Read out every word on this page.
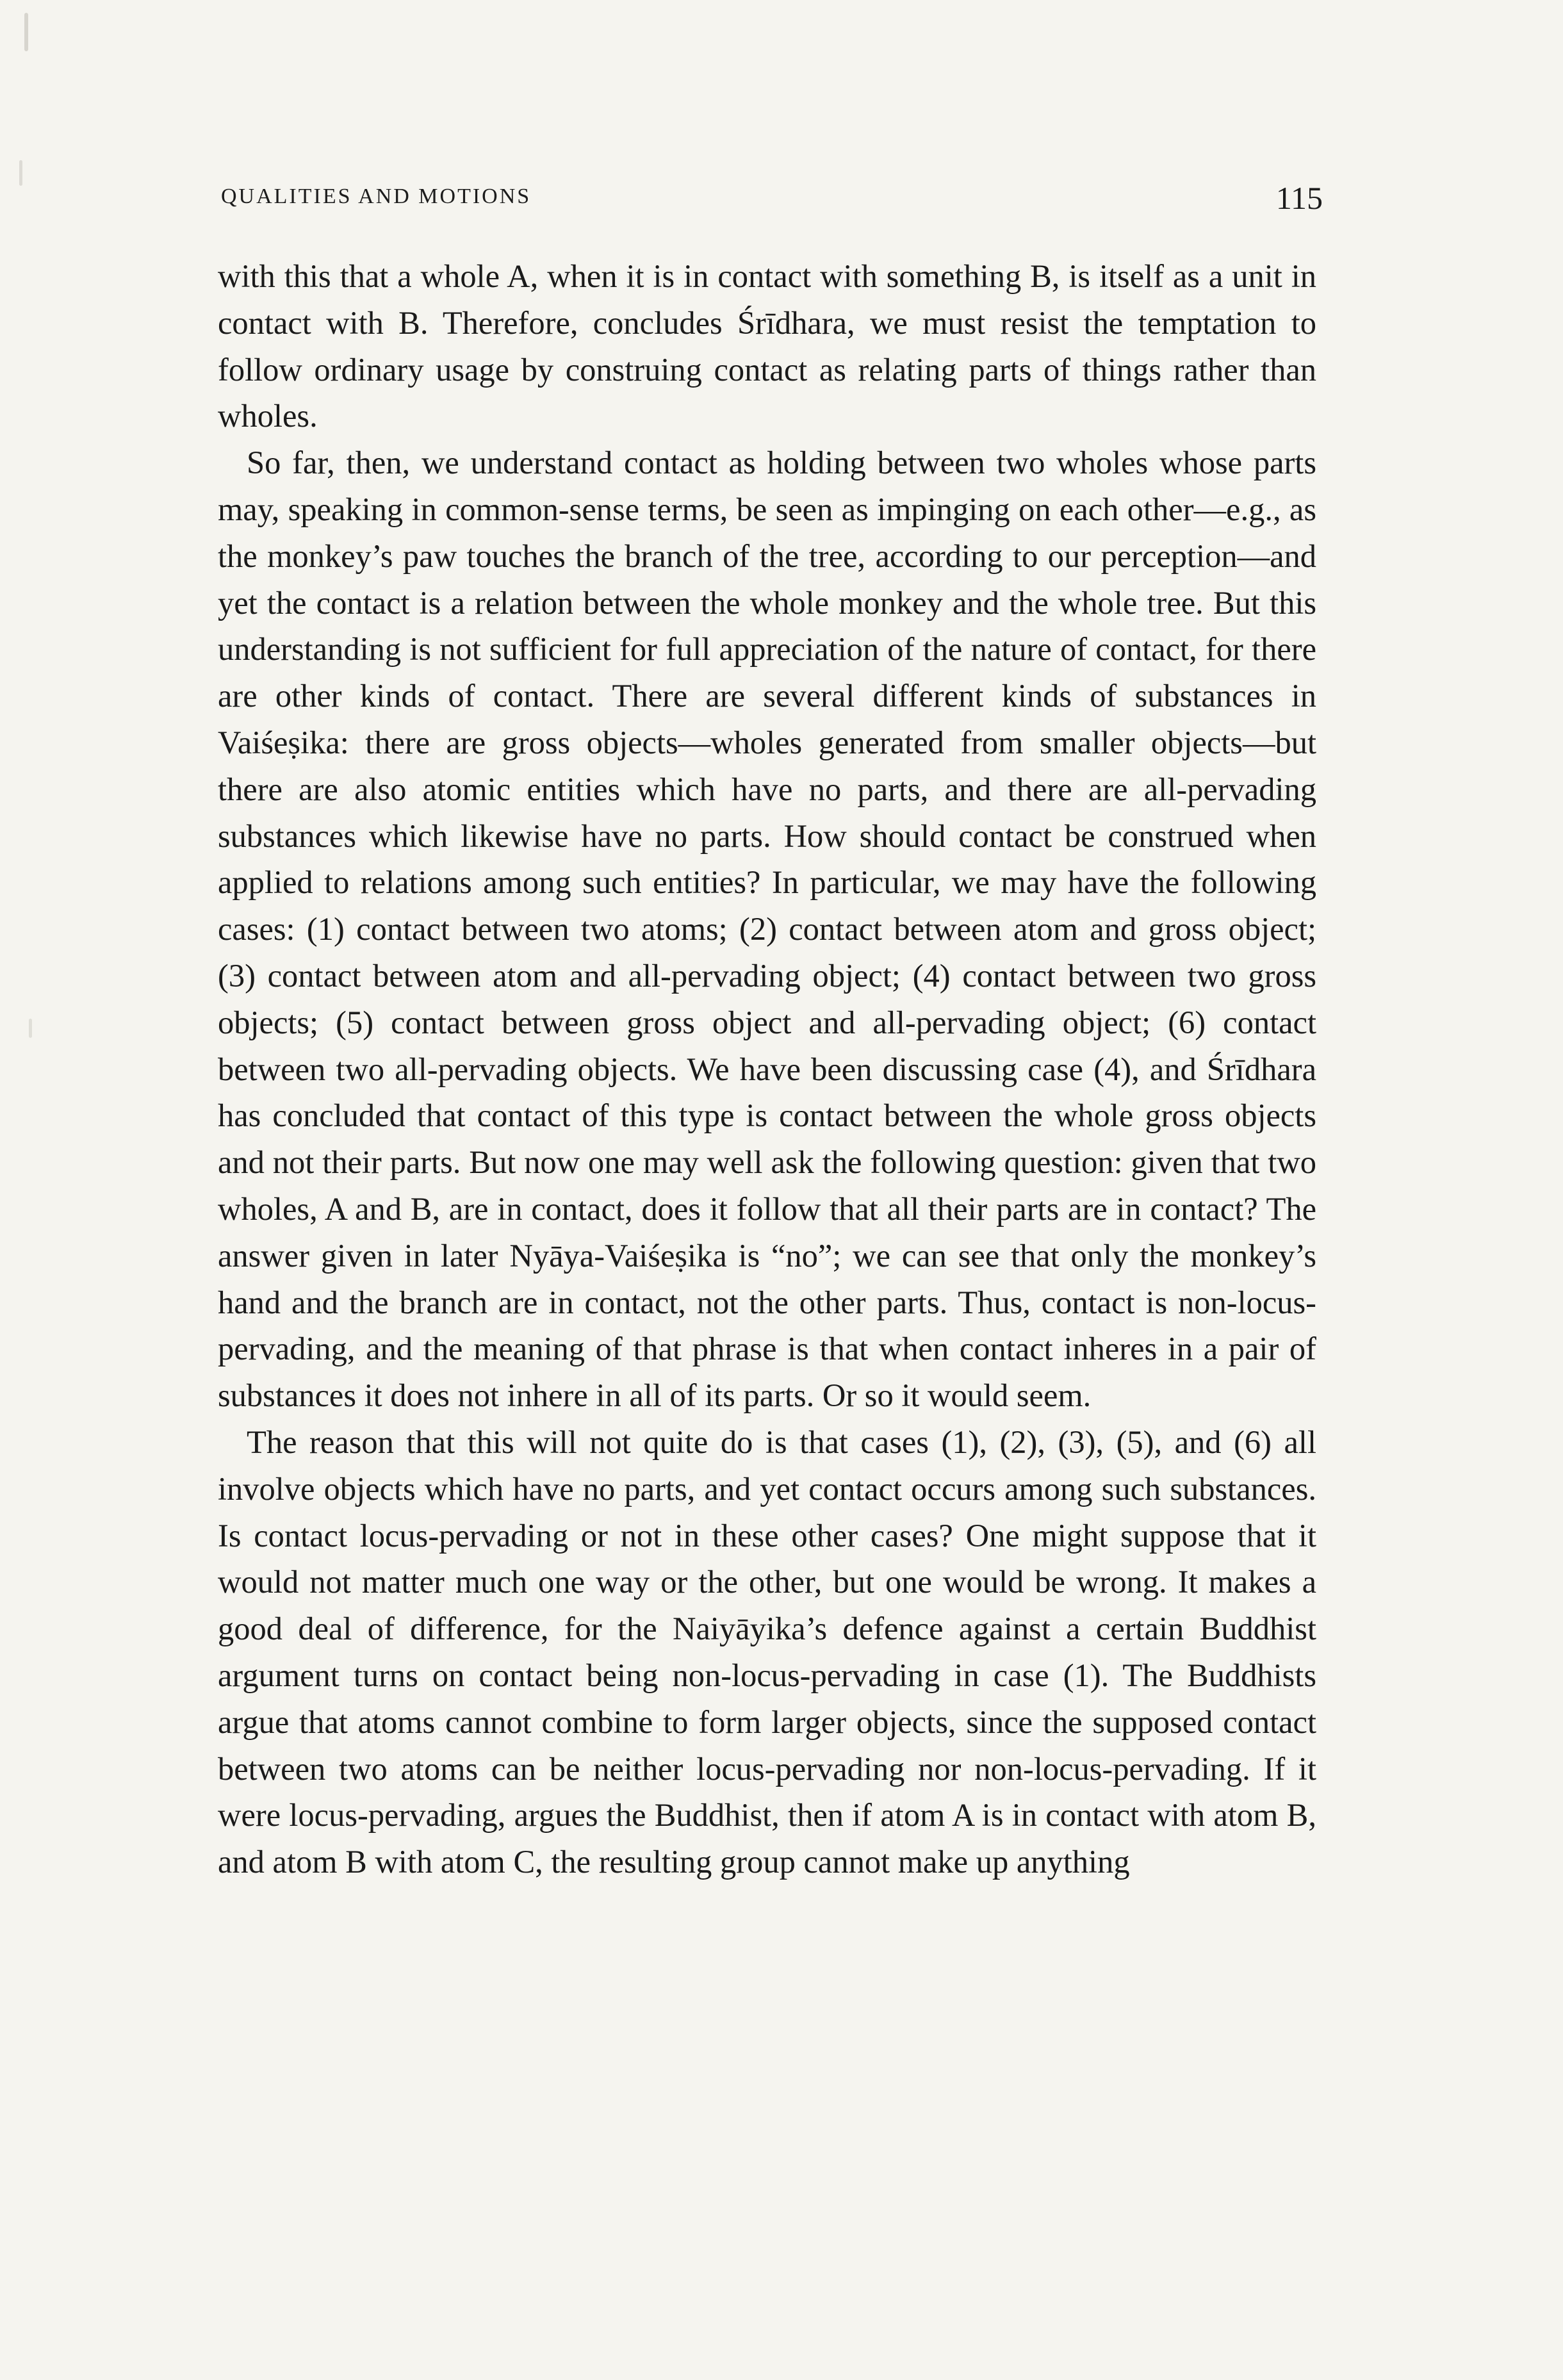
QUALITIES AND MOTIONS	115

with this that a whole A, when it is in contact with something B, is itself as a unit in contact with B. Therefore, concludes Śrīdhara, we must resist the temptation to follow ordinary usage by construing contact as relating parts of things rather than wholes.

So far, then, we understand contact as holding between two wholes whose parts may, speaking in common-sense terms, be seen as impinging on each other—e.g., as the monkey’s paw touches the branch of the tree, according to our perception—and yet the contact is a relation between the whole monkey and the whole tree. But this understanding is not sufficient for full appreciation of the nature of contact, for there are other kinds of contact. There are several different kinds of substances in Vaiśeṣika: there are gross objects—wholes generated from smaller objects—but there are also atomic entities which have no parts, and there are all-pervading substances which likewise have no parts. How should contact be construed when applied to relations among such entities? In particular, we may have the following cases: (1) contact between two atoms; (2) contact between atom and gross object; (3) contact between atom and all-pervading object; (4) contact between two gross objects; (5) contact between gross object and all-pervading object; (6) contact between two all-pervading objects. We have been discussing case (4), and Śrīdhara has concluded that contact of this type is contact between the whole gross objects and not their parts. But now one may well ask the following question: given that two wholes, A and B, are in contact, does it follow that all their parts are in contact? The answer given in later Nyāya-Vaiśeṣika is “no”; we can see that only the monkey’s hand and the branch are in contact, not the other parts. Thus, contact is non-locus-pervading, and the meaning of that phrase is that when contact inheres in a pair of substances it does not inhere in all of its parts. Or so it would seem.

The reason that this will not quite do is that cases (1), (2), (3), (5), and (6) all involve objects which have no parts, and yet contact occurs among such substances. Is contact locus-pervading or not in these other cases? One might suppose that it would not matter much one way or the other, but one would be wrong. It makes a good deal of difference, for the Naiyāyika’s defence against a certain Buddhist argument turns on contact being non-locus-pervading in case (1). The Buddhists argue that atoms cannot combine to form larger objects, since the supposed contact between two atoms can be neither locus-pervading nor non-locus-pervading. If it were locus-pervading, argues the Buddhist, then if atom A is in contact with atom B, and atom B with atom C, the resulting group cannot make up anything
